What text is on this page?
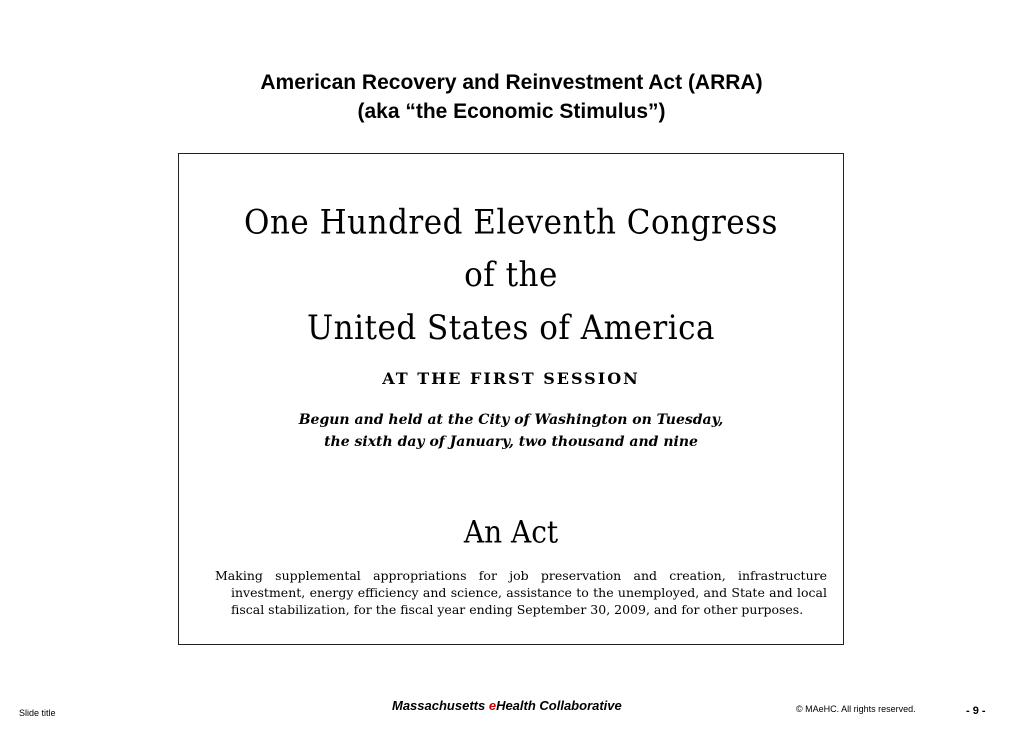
American Recovery and Reinvestment Act (ARRA)
(aka “the Economic Stimulus”)
One Hundred Eleventh Congress
of the
United States of America
AT THE FIRST SESSION
Begun and held at the City of Washington on Tuesday,
the sixth day of January, two thousand and nine
An Act
Making supplemental appropriations for job preservation and creation, infrastructure investment, energy efficiency and science, assistance to the unemployed, and State and local fiscal stabilization, for the fiscal year ending September 30, 2009, and for other purposes.
Slide title	Massachusetts eHealth Collaborative	© MAeHC. All rights reserved.	- 9 -
